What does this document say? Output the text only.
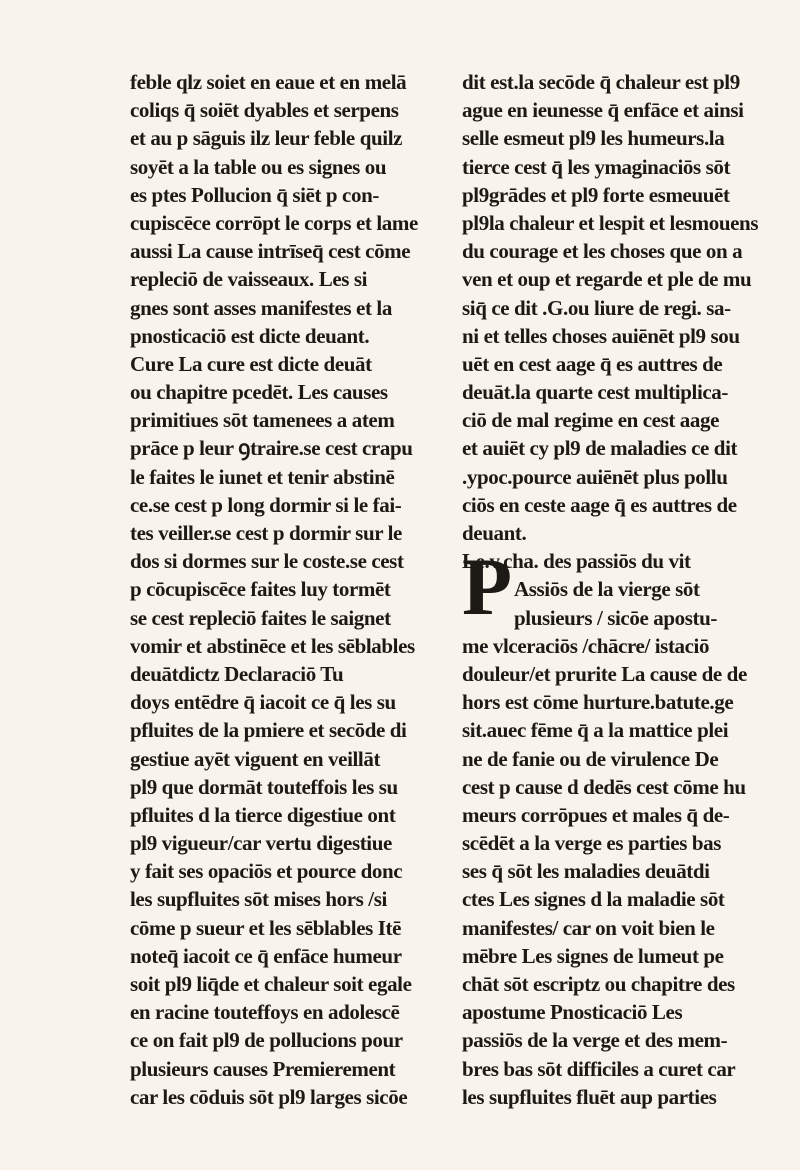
feble qlz soiet en eaue et en melā
coliqs q̄ soiēt dyables et serpens
et au p sāguis ilz leur feble quilz
soyēt a la table ou es signes ou
es ptes Pollucion q̄ siēt p con-
cupiscēce corrōpt le corps et lame
aussi La cause intrīseq̄ cest cōme
repleciō de vaisseaux. Les si
gnes sont asses manifestes et la
pnosticaciō est dicte deuant.
Cure La cure est dicte deuāt
ou chapitre pcedēt. Les causes
primitiues sōt tamenees a atem
prāce p leur ꝯtraire.se cest crapu
le faites le iunet et tenir abstinē
ce.se cest p long dormir si le fai-
tes veiller.se cest p dormir sur le
dos si dormes sur le coste.se cest
p cōcupiscēce faites luy tormēt
se cest repleciō faites le saignet
vomir et abstinēce et les sēblables
deuātdictz Declaraciō Tu
doys entēdre q̄ iacoit ce q̄ les su
pfluites de la pmiere et secōde di
gestiue ayēt viguent en veillāt
pl9 que dormāt touteffois les su
pfluites d la tierce digestiue ont
pl9 vigueur/car vertu digestiue
y fait ses opaciōs et pource donc
les supfluites sōt mises hors /si
cōme p sueur et les sēblables Itē
noteq̄ iacoit ce q̄ enfāce humeur
soit pl9 liq̄de et chaleur soit egale
en racine touteffoys en adolescē
ce on fait pl9 de pollucions pour
plusieurs causes Premierement
car les cōduis sōt pl9 larges sicōe
dit est.la secōde q̄ chaleur est pl9
ague en ieunesse q̄ enfāce et ainsi
selle esmeut pl9 les humeurs.la
tierce cest q̄ les ymaginaciōs sōt
pl9grādes et pl9 forte esmeuuēt
pl9la chaleur et lespit et lesmouens
du courage et les choses que on a
ven et oup et regarde et ple de mu
siq̄ ce dit .G.ou liure de regi. sa-
ni et telles choses auiēnēt pl9 sou
uēt en cest aage q̄ es auttres de
deuāt.la quarte cest multiplica-
ciō de mal regime en cest aage
et auiēt cy pl9 de maladies ce dit
.ypoc.pource auiēnēt plus pollu
ciōs en ceste aage q̄ es auttres de
deuant.
Le.v.cha. des passiōs du vit
Assiōs de la vierge sōt
plusieurs / sicōe apostu-
me vlceraciōs /chācre/ istaciō
douleur/et prurite La cause de de
hors est cōme hurture.batute.ge
sit.auec fēme q̄ a la mattice plei
ne de fanie ou de virulence De
cest p cause d dedēs cest cōme hu
meurs corrōpues et males q̄ de-
scēdēt a la verge es parties bas
ses q̄ sōt les maladies deuātdi
ctes Les signes d la maladie sōt
manifestes/ car on voit bien le
mēbre Les signes de lumeut pe
chāt sōt escriptz ou chapitre des
apostume Pnosticaciō Les
passiōs de la verge et des mem-
bres bas sōt difficiles a curet car
les supfluites fluēt aup parties
P
